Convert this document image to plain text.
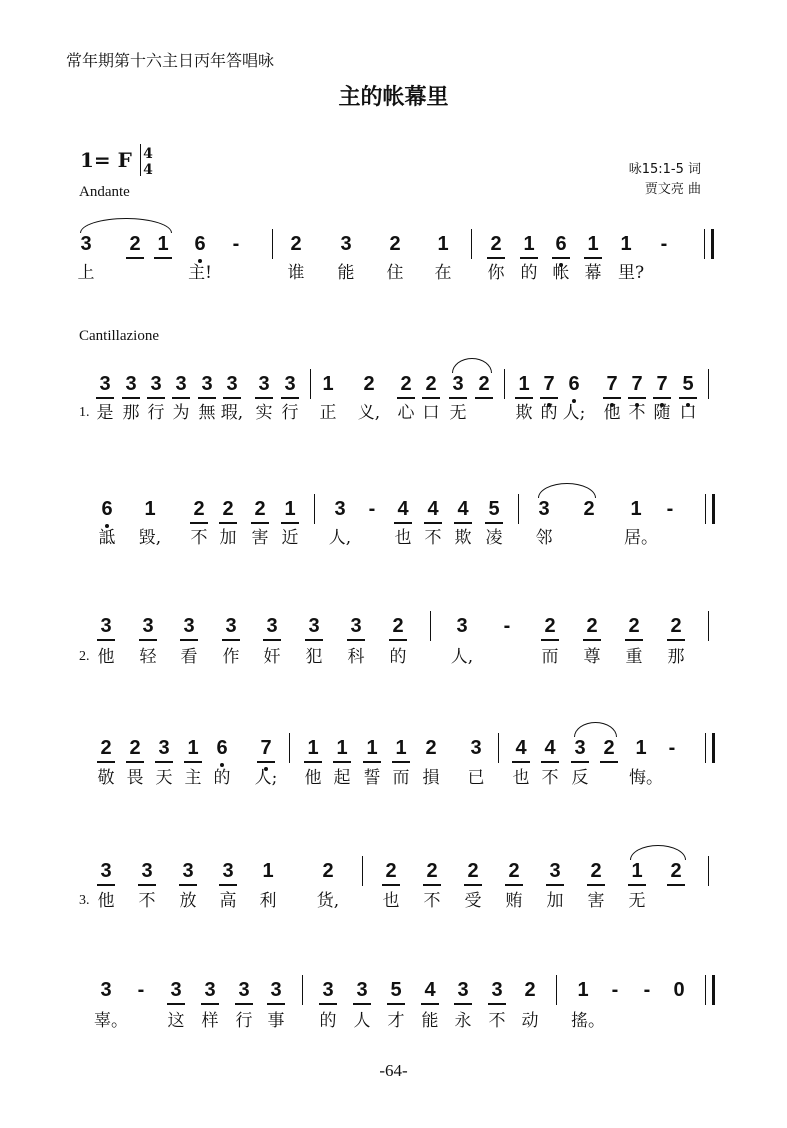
常年期第十六主日丙年答唱咏
主的帐幕里
1= F 4
4	咏15:1-5 词
贾文亮 曲
Andante
Cantillazione
3 2 1 6	-	2 3 2 1 2 1 6 1 1	-
上	主!	谁 能 住 在 你 的 帐 幕 里?
3 3 3 3 3 3 3 3 1 2 2 2 3 2 1 7 6 7 7 7 5
1. 是 那 行 为 無 瑕, 实 行 正 义, 心 口 无	欺 的 人; 他 不 随 口
6 1 2 2 2 1 3	-	4 4 4 5 3 2 1	-
詆 毀, 不 加 害 近 人,	也 不 欺 凌 邻	居。
3 3 3 3 3 3 3 2	3	-	2 2 2 2
2. 他 轻 看 作 奸 犯 科 的	人,	而 尊 重 那
2 2 3 1 6 7 1 1 1 1 2 3 4 4 3 2 1	-
敬 畏 天 主 的 人; 他 起 誓 而 損 已 也 不 反 悔。
3 3 3 3 1 2	2 2 2 2 3 2 1 2
3. 他 不 放 高 利 货,	也 不 受 贿 加 害 无
3	-	3 3 3 3 3 3 5 4 3 3 2 1	-	-	0
辜。 这 样 行 事 的 人 才 能 永 不 动 搖。
-64-
